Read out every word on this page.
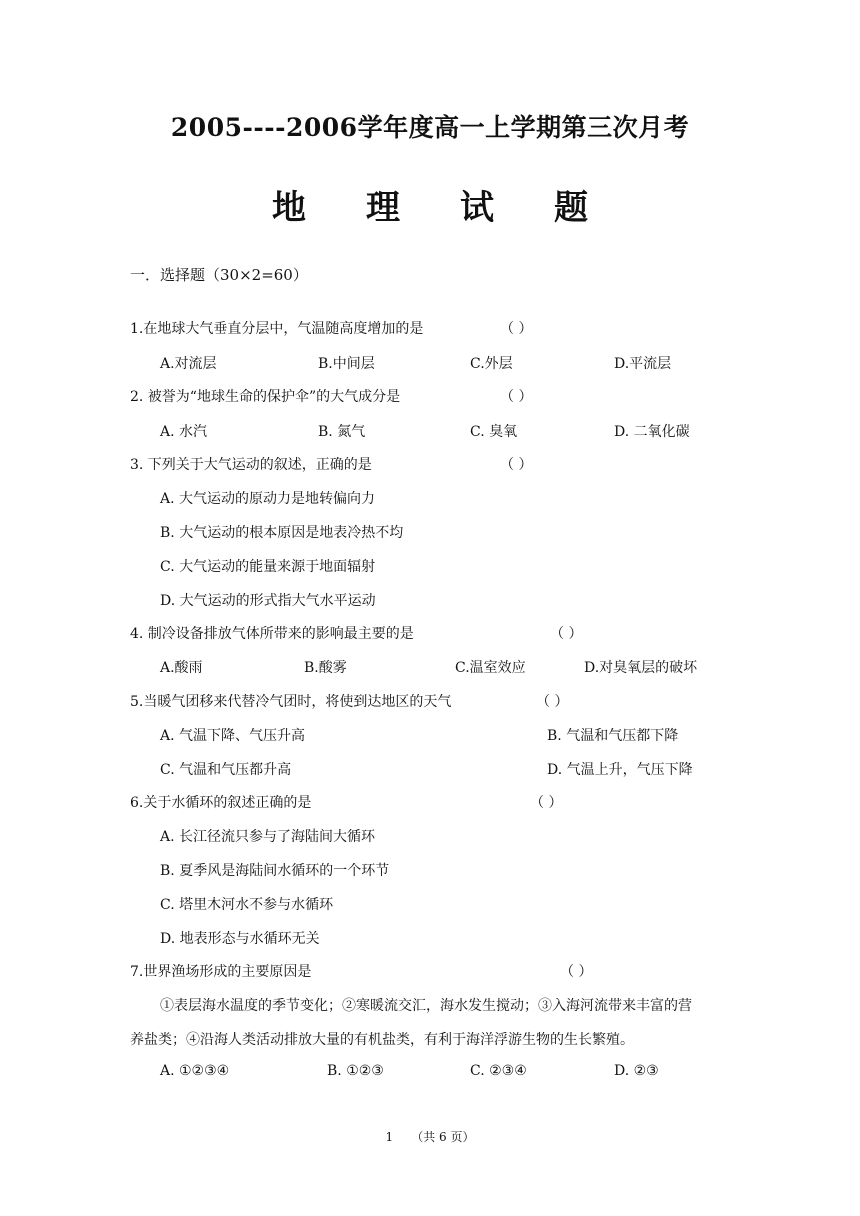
2005----2006学年度高一上学期第三次月考
地 理 试 题
一．选择题（30×2=60）
1.在地球大气垂直分层中，气温随高度增加的是	（ ）
A.对流层	B.中间层	C.外层	D.平流层
2. 被誉为“地球生命的保护伞”的大气成分是	（ ）
A. 水汽	B. 氮气	C. 臭氧	D. 二氧化碳
3. 下列关于大气运动的叙述，正确的是	（ ）
A. 大气运动的原动力是地转偏向力
B. 大气运动的根本原因是地表冷热不均
C. 大气运动的能量来源于地面辐射
D. 大气运动的形式指大气水平运动
4. 制冷设备排放气体所带来的影响最主要的是	（ ）
A.酸雨	B.酸雾	C.温室效应	D.对臭氧层的破坏
5.当暖气团移来代替冷气团时，将使到达地区的天气	（ ）
A. 气温下降、气压升高	B. 气温和气压都下降
C. 气温和气压都升高	D. 气温上升，气压下降
6.关于水循环的叙述正确的是	（ ）
A. 长江径流只参与了海陆间大循环
B. 夏季风是海陆间水循环的一个环节
C. 塔里木河水不参与水循环
D. 地表形态与水循环无关
7.世界渔场形成的主要原因是	（ ）
①表层海水温度的季节变化；②寒暖流交汇，海水发生搅动；③入海河流带来丰富的营
养盐类；④沿海人类活动排放大量的有机盐类，有利于海洋浮游生物的生长繁殖。
A. ①②③④	B. ①②③	C. ②③④	D. ②③
1 （共 6 页）
